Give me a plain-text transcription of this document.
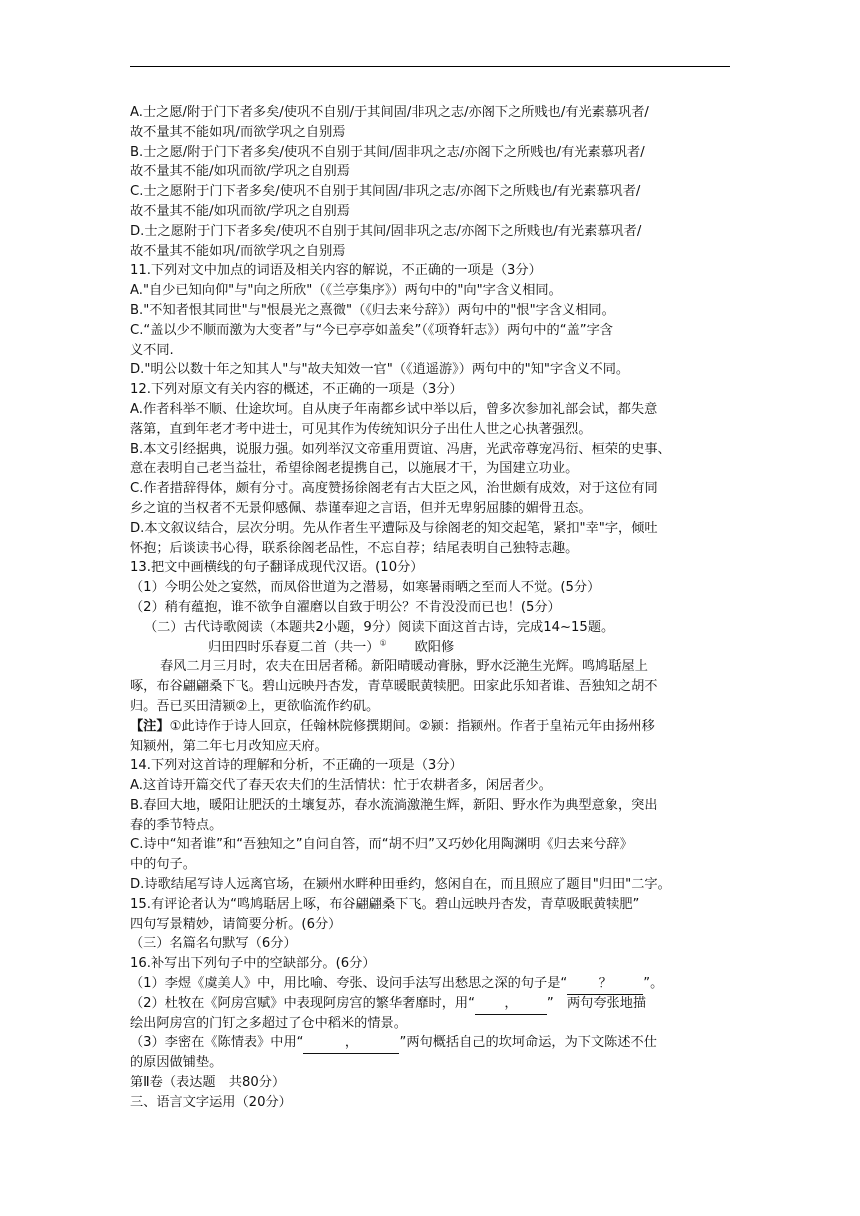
A.士之愿/附于门下者多矣/使巩不自别/于其间固/非巩之志/亦阁下之所贱也/有光素慕巩者/
故不量其不能如巩/而欲学巩之自别焉
B.士之愿/附于门下者多矣/使巩不自别于其间/固非巩之志/亦阁下之所贱也/有光素慕巩者/
故不量其不能/如巩而欲/学巩之自别焉
C.士之愿附于门下者多矣/使巩不自别于其间固/非巩之志/亦阁下之所贱也/有光素慕巩者/
故不量其不能/如巩而欲/学巩之自别焉
D.士之愿附于门下者多矣/使巩不自别于其间/固非巩之志/亦阁下之所贱也/有光素慕巩者/
故不量其不能如巩/而欲学巩之自别焉
11.下列对文中加点的词语及相关内容的解说，不正确的一项是（3分）
A."自少已知向仰"与"向之所欣"（《兰亭集序》）两句中的"向"字含义相同。
B."不知者恨其同世"与"恨晨光之熹微"（《归去来兮辞》）两句中的"恨"字含义相同。
C.“盖以少不顺而激为大变者”与“今已亭亭如盖矣”（《项脊轩志》）两句中的“盖”字含
义不同.
D."明公以数十年之知其人"与"故夫知效一官"（《逍遥游》）两句中的"知"字含义不同。
12.下列对原文有关内容的概述，不正确的一项是（3分）
A.作者科举不顺、仕途坎坷。自从庚子年南都乡试中举以后，曾多次参加礼部会试，都失意
落第，直到年老才考中进士，可见其作为传统知识分子出仕人世之心执著强烈。
B.本文引经据典，说服力强。如列举汉文帝重用贾谊、冯唐，光武帝尊宠冯衍、桓荣的史事、
意在表明自己老当益壮，希望徐阁老提携自己，以施展才干，为国建立功业。
C.作者措辞得体，颇有分寸。高度赞扬徐阁老有古大臣之风，治世颇有成效，对于这位有同
乡之谊的当权者不无景仰感佩、恭谨奉迎之言语，但并无卑躬屈膝的媚骨丑态。
D.本文叙议结合，层次分明。先从作者生平遭际及与徐阁老的知交起笔，紧扣"幸"字，倾吐
怀抱；后谈读书心得，联系徐阁老品性，不忘自荐；结尾表明自己独特志趣。
13.把文中画横线的句子翻译成现代汉语。(10分）
（1）今明公处之宴然，而凤俗世道为之潜易，如寒暑雨晒之至而人不觉。(5分）
（2）稍有蕴抱，谁不欲争自濯磨以自致于明公？不肯没没而已也！(5分）
（二）古代诗歌阅读（本题共2小题，9分）阅读下面这首古诗，完成14~15题。
归田四时乐春夏二首（共一）① 欧阳修
春风二月三月时，农夫在田居者稀。新阳晴暖动膏脉，野水泛滟生光辉。鸣鸠聒屋上
啄，布谷翩翩桑下飞。碧山远映丹杏发，青草暖眠黄犊肥。田家此乐知者谁、吾独知之胡不
归。吾已买田清颍②上，更欲临流作约矶。
【注】①此诗作于诗人回京，任翰林院修撰期间。②颍：指颍州。作者于皇祐元年由扬州移
知颍州，第二年七月改知应天府。
14.下列对这首诗的理解和分析，不正确的一项是（3分）
A.这首诗开篇交代了春天农夫们的生活情状：忙于农耕者多，闲居者少。
B.春回大地，暖阳让肥沃的土壤复苏，春水流淌激滟生辉，新阳、野水作为典型意象，突出
春的季节特点。
C.诗中“知者谁”和“吾独知之”自问自答，而“胡不归”又巧妙化用陶渊明《归去来兮辞》
中的句子。
D.诗歌结尾写诗人远离官场，在颍州水畔种田垂约，悠闲自在，而且照应了题目"归田"二字。
15.有评论者认为“鸣鸠聒居上啄，布谷翩翩桑下飞。碧山远映丹杏发，青草吸眠黄犊肥”
四句写景精妙，请简要分析。(6分）
（三）名篇名句默写（6分）
16.补写出下列句子中的空缺部分。(6分）
（1）李煜《虞美人》中，用比喻、夸张、设问手法写出愁思之深的句子是“ ？ ”。
（2）杜牧在《阿房宫赋》中表现阿房宫的繁华奢靡时，用“ ， ”　两句夸张地描
绘出阿房宫的门钉之多超过了仓中稻米的情景。
（3）李密在《陈情表》中用“	，	”两句概括自己的坎坷命运，为下文陈述不仕
的原因做铺垫。
第Ⅱ卷（表达题　共80分）
三、语言文字运用（20分）
